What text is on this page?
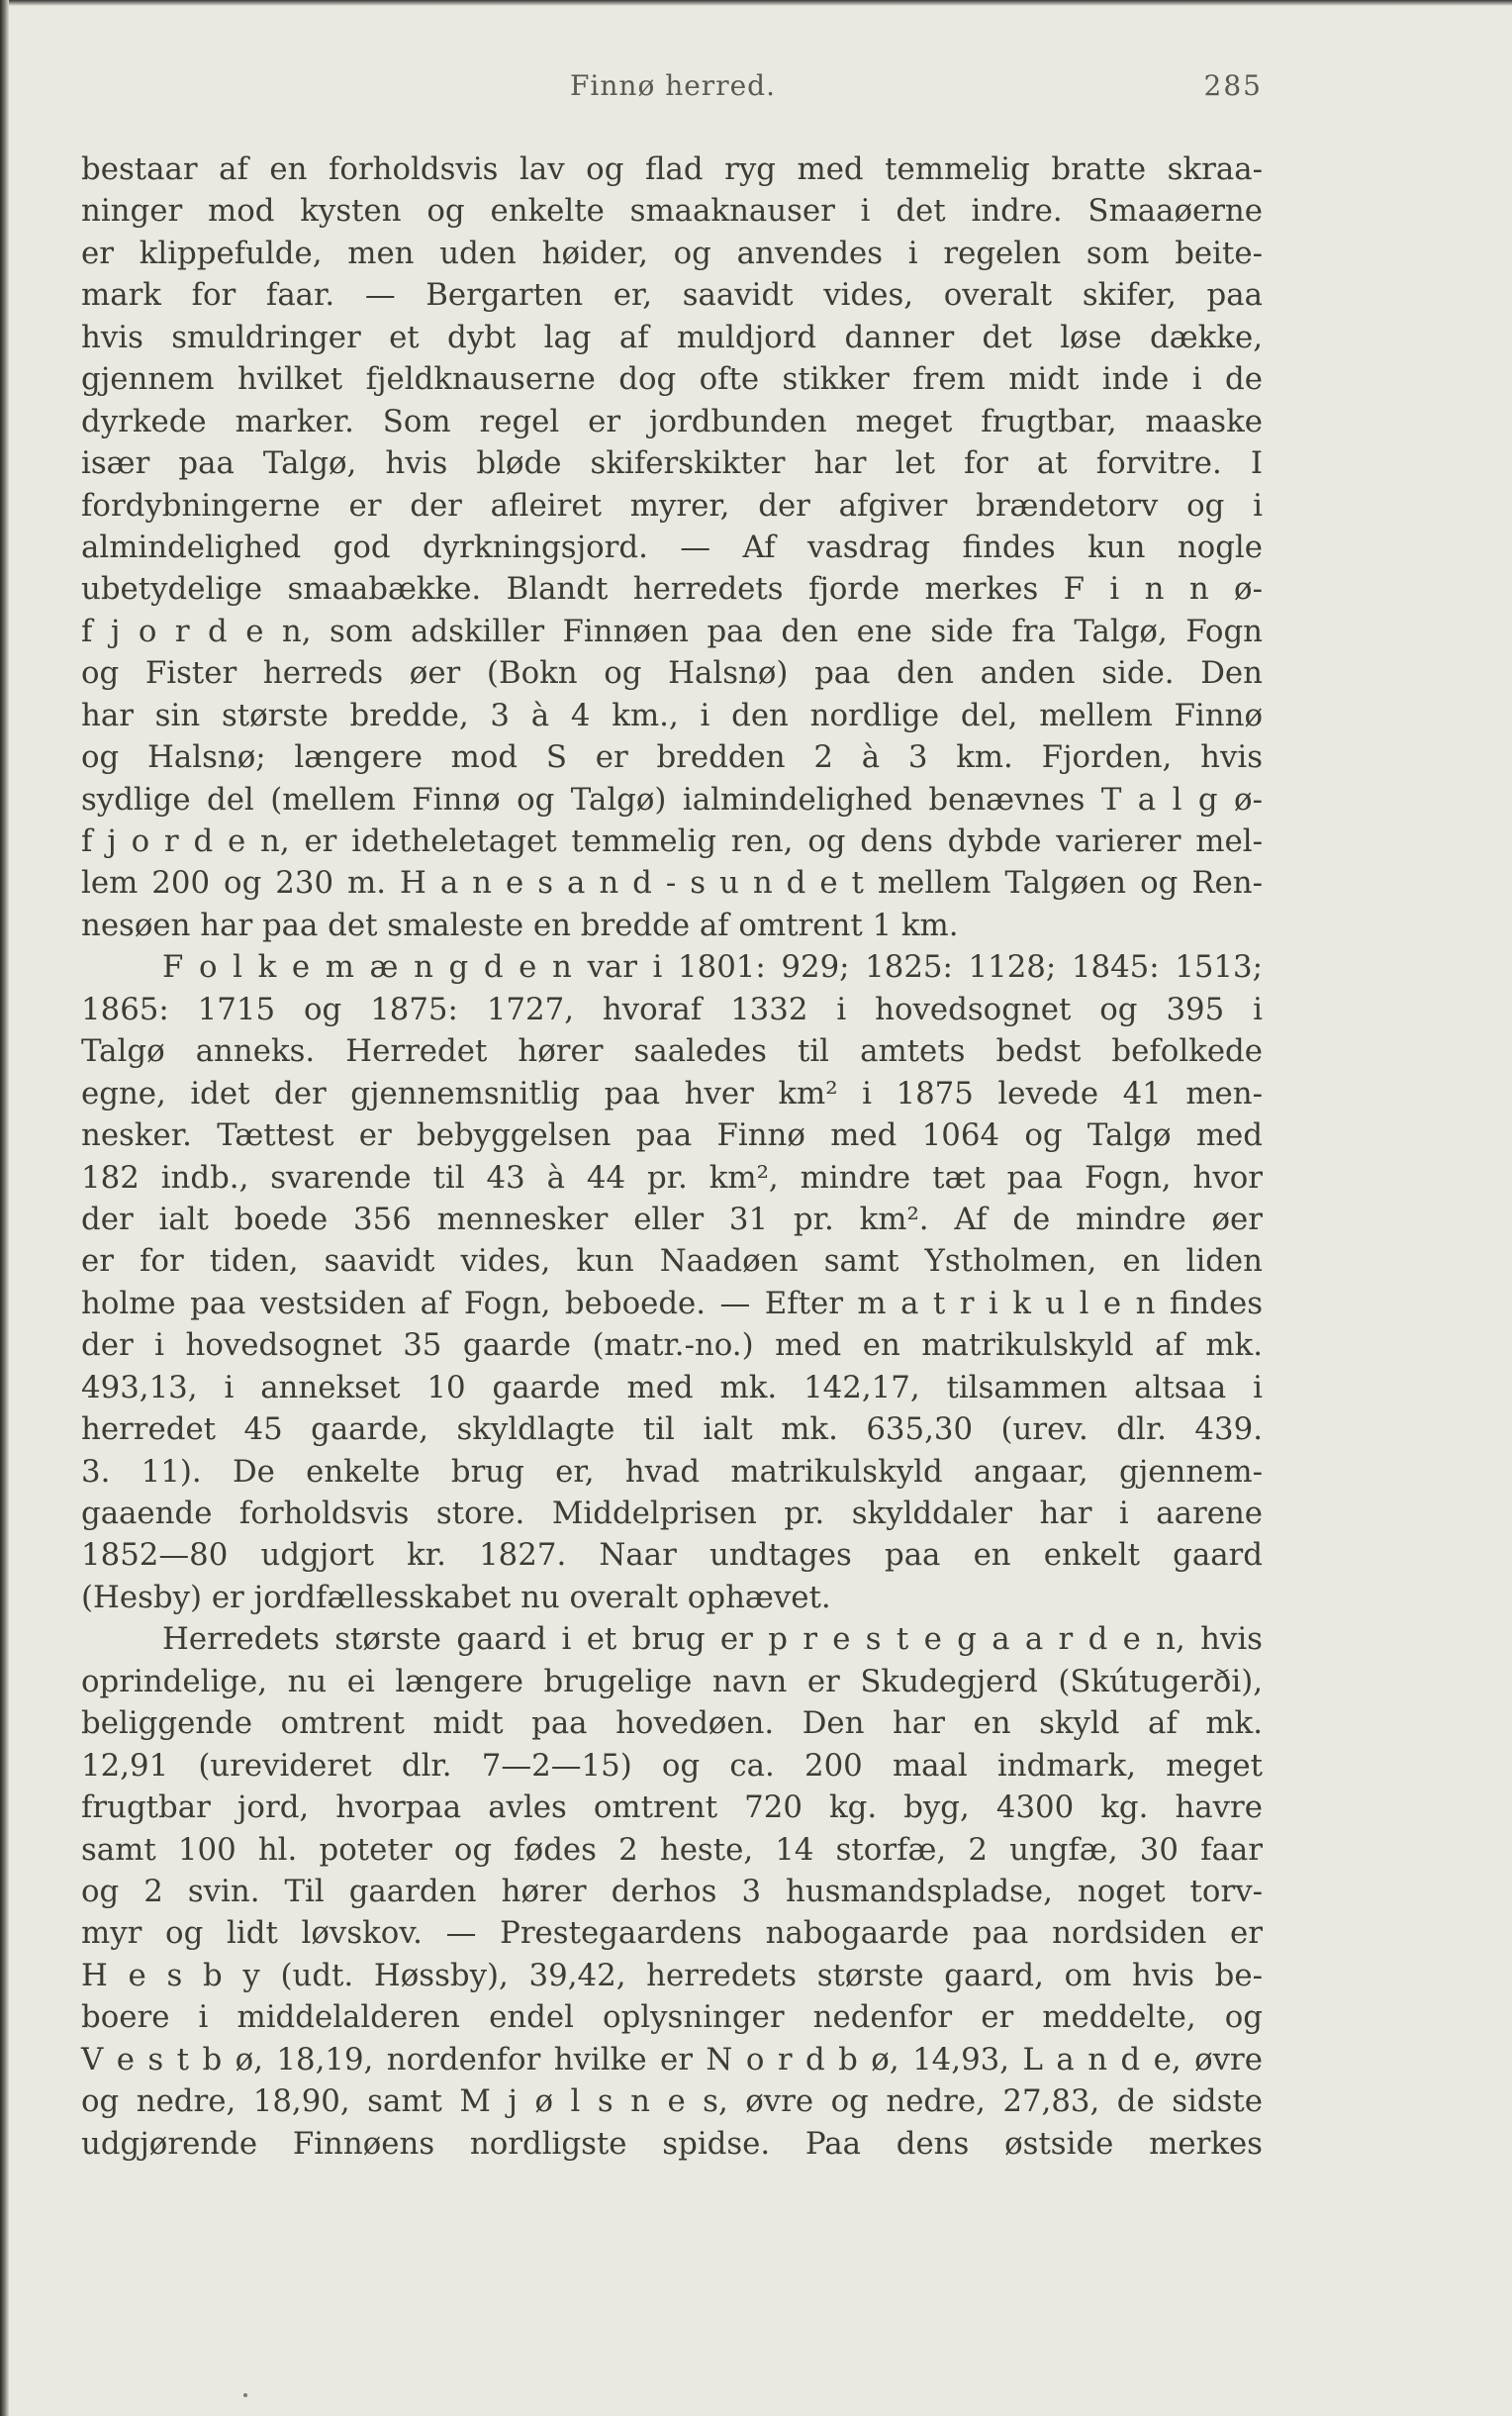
Finnø herred.	285
bestaar af en forholdsvis lav og flad ryg med temmelig bratte skraa-
ninger mod kysten og enkelte smaaknauser i det indre. Smaaøerne
er klippefulde, men uden høider, og anvendes i regelen som beite-
mark for faar. — Bergarten er, saavidt vides, overalt skifer, paa
hvis smuldringer et dybt lag af muldjord danner det løse dække,
gjennem hvilket fjeldknauserne dog ofte stikker frem midt inde i de
dyrkede marker. Som regel er jordbunden meget frugtbar, maaske
især paa Talgø, hvis bløde skiferskikter har let for at forvitre. I
fordybningerne er der afleiret myrer, der afgiver brændetorv og i
almindelighed god dyrkningsjord. — Af vasdrag findes kun nogle
ubetydelige smaabække. Blandt herredets fjorde merkes F i n n ø-
f j o r d e n, som adskiller Finnøen paa den ene side fra Talgø, Fogn
og Fister herreds øer (Bokn og Halsnø) paa den anden side. Den
har sin største bredde, 3 à 4 km., i den nordlige del, mellem Finnø
og Halsnø; længere mod S er bredden 2 à 3 km. Fjorden, hvis
sydlige del (mellem Finnø og Talgø) ialmindelighed benævnes T a l g ø-
f j o r d e n, er idetheletaget temmelig ren, og dens dybde varierer mel-
lem 200 og 230 m. H a n e s a n d - s u n d e t mellem Talgøen og Ren-
nesøen har paa det smaleste en bredde af omtrent 1 km.
F o l k e m æ n g d e n var i 1801: 929; 1825: 1128; 1845: 1513;
1865: 1715 og 1875: 1727, hvoraf 1332 i hovedsognet og 395 i
Talgø anneks. Herredet hører saaledes til amtets bedst befolkede
egne, idet der gjennemsnitlig paa hver km² i 1875 levede 41 men-
nesker. Tættest er bebyggelsen paa Finnø med 1064 og Talgø med
182 indb., svarende til 43 à 44 pr. km², mindre tæt paa Fogn, hvor
der ialt boede 356 mennesker eller 31 pr. km². Af de mindre øer
er for tiden, saavidt vides, kun Naadøen samt Ystholmen, en liden
holme paa vestsiden af Fogn, beboede. — Efter m a t r i k u l e n findes
der i hovedsognet 35 gaarde (matr.-no.) med en matrikulskyld af mk.
493,13, i annekset 10 gaarde med mk. 142,17, tilsammen altsaa i
herredet 45 gaarde, skyldlagte til ialt mk. 635,30 (urev. dlr. 439.
3. 11). De enkelte brug er, hvad matrikulskyld angaar, gjennem-
gaaende forholdsvis store. Middelprisen pr. skylddaler har i aarene
1852—80 udgjort kr. 1827. Naar undtages paa en enkelt gaard
(Hesby) er jordfællesskabet nu overalt ophævet.
Herredets største gaard i et brug er p r e s t e g a a r d e n, hvis
oprindelige, nu ei længere brugelige navn er Skudegjerd (Skútugerði),
beliggende omtrent midt paa hovedøen. Den har en skyld af mk.
12,91 (urevideret dlr. 7—2—15) og ca. 200 maal indmark, meget
frugtbar jord, hvorpaa avles omtrent 720 kg. byg, 4300 kg. havre
samt 100 hl. poteter og fødes 2 heste, 14 storfæ, 2 ungfæ, 30 faar
og 2 svin. Til gaarden hører derhos 3 husmandspladse, noget torv-
myr og lidt løvskov. — Prestegaardens nabogaarde paa nordsiden er
H e s b y (udt. Høssby), 39,42, herredets største gaard, om hvis be-
boere i middelalderen endel oplysninger nedenfor er meddelte, og
V e s t b ø, 18,19, nordenfor hvilke er N o r d b ø, 14,93, L a n d e, øvre
og nedre, 18,90, samt M j ø l s n e s, øvre og nedre, 27,83, de sidste
udgjørende Finnøens nordligste spidse. Paa dens østside merkes
